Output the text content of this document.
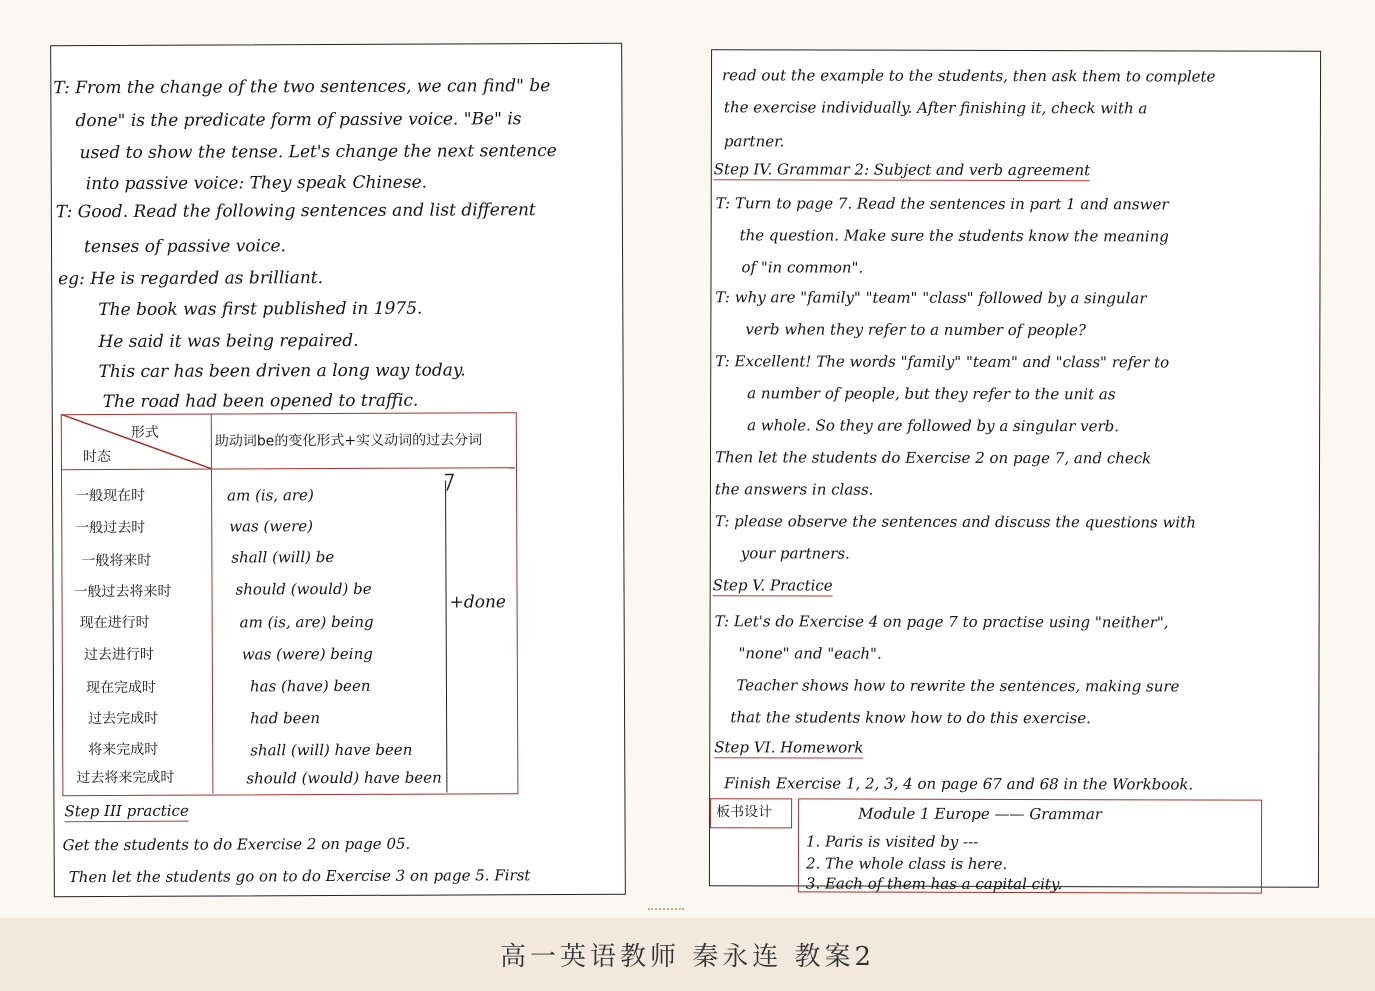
T: From the change of the two sentences, we can find" be
done" is the predicate form of passive voice. "Be" is
used to show the tense. Let's change the next sentence
into passive voice: They speak Chinese.
T: Good. Read the following sentences and list different
tenses of passive voice.
eg: He is regarded as brilliant.
The book was first published in 1975.
He said it was being repaired.
This car has been driven a long way today.
The road had been opened to traffic.
形式
时态
助动词be的变化形式+实义动词的过去分词
一般现在时	am (is, are)
一般过去时	was (were)
一般将来时	shall (will) be
一般过去将来时	should (would) be
现在进行时	am (is, are) being
过去进行时	was (were) being
现在完成时	has (have) been
过去完成时	had been
将来完成时	shall (will) have been
过去将来完成时	should (would) have been
+done
Step III practice
Get the students to do Exercise 2 on page 05.
Then let the students go on to do Exercise 3 on page 5. First
read out the example to the students, then ask them to complete
the exercise individually. After finishing it, check with a
partner.
Step IV. Grammar 2: Subject and verb agreement
T: Turn to page 7. Read the sentences in part 1 and answer
the question. Make sure the students know the meaning
of "in common".
T: why are "family" "team" "class" followed by a singular
verb when they refer to a number of people?
T: Excellent! The words "family" "team" and "class" refer to
a number of people, but they refer to the unit as
a whole. So they are followed by a singular verb.
Then let the students do Exercise 2 on page 7, and check
the answers in class.
T: please observe the sentences and discuss the questions with
your partners.
Step V. Practice
T: Let's do Exercise 4 on page 7 to practise using "neither",
"none" and "each".
Teacher shows how to rewrite the sentences, making sure
that the students know how to do this exercise.
Step VI. Homework
Finish Exercise 1, 2, 3, 4 on page 67 and 68 in the Workbook.
板书设计	Module 1 Europe —— Grammar
1. Paris is visited by ---
2. The whole class is here.
3. Each of them has a capital city.
高一英语教师 秦永连 教案2
